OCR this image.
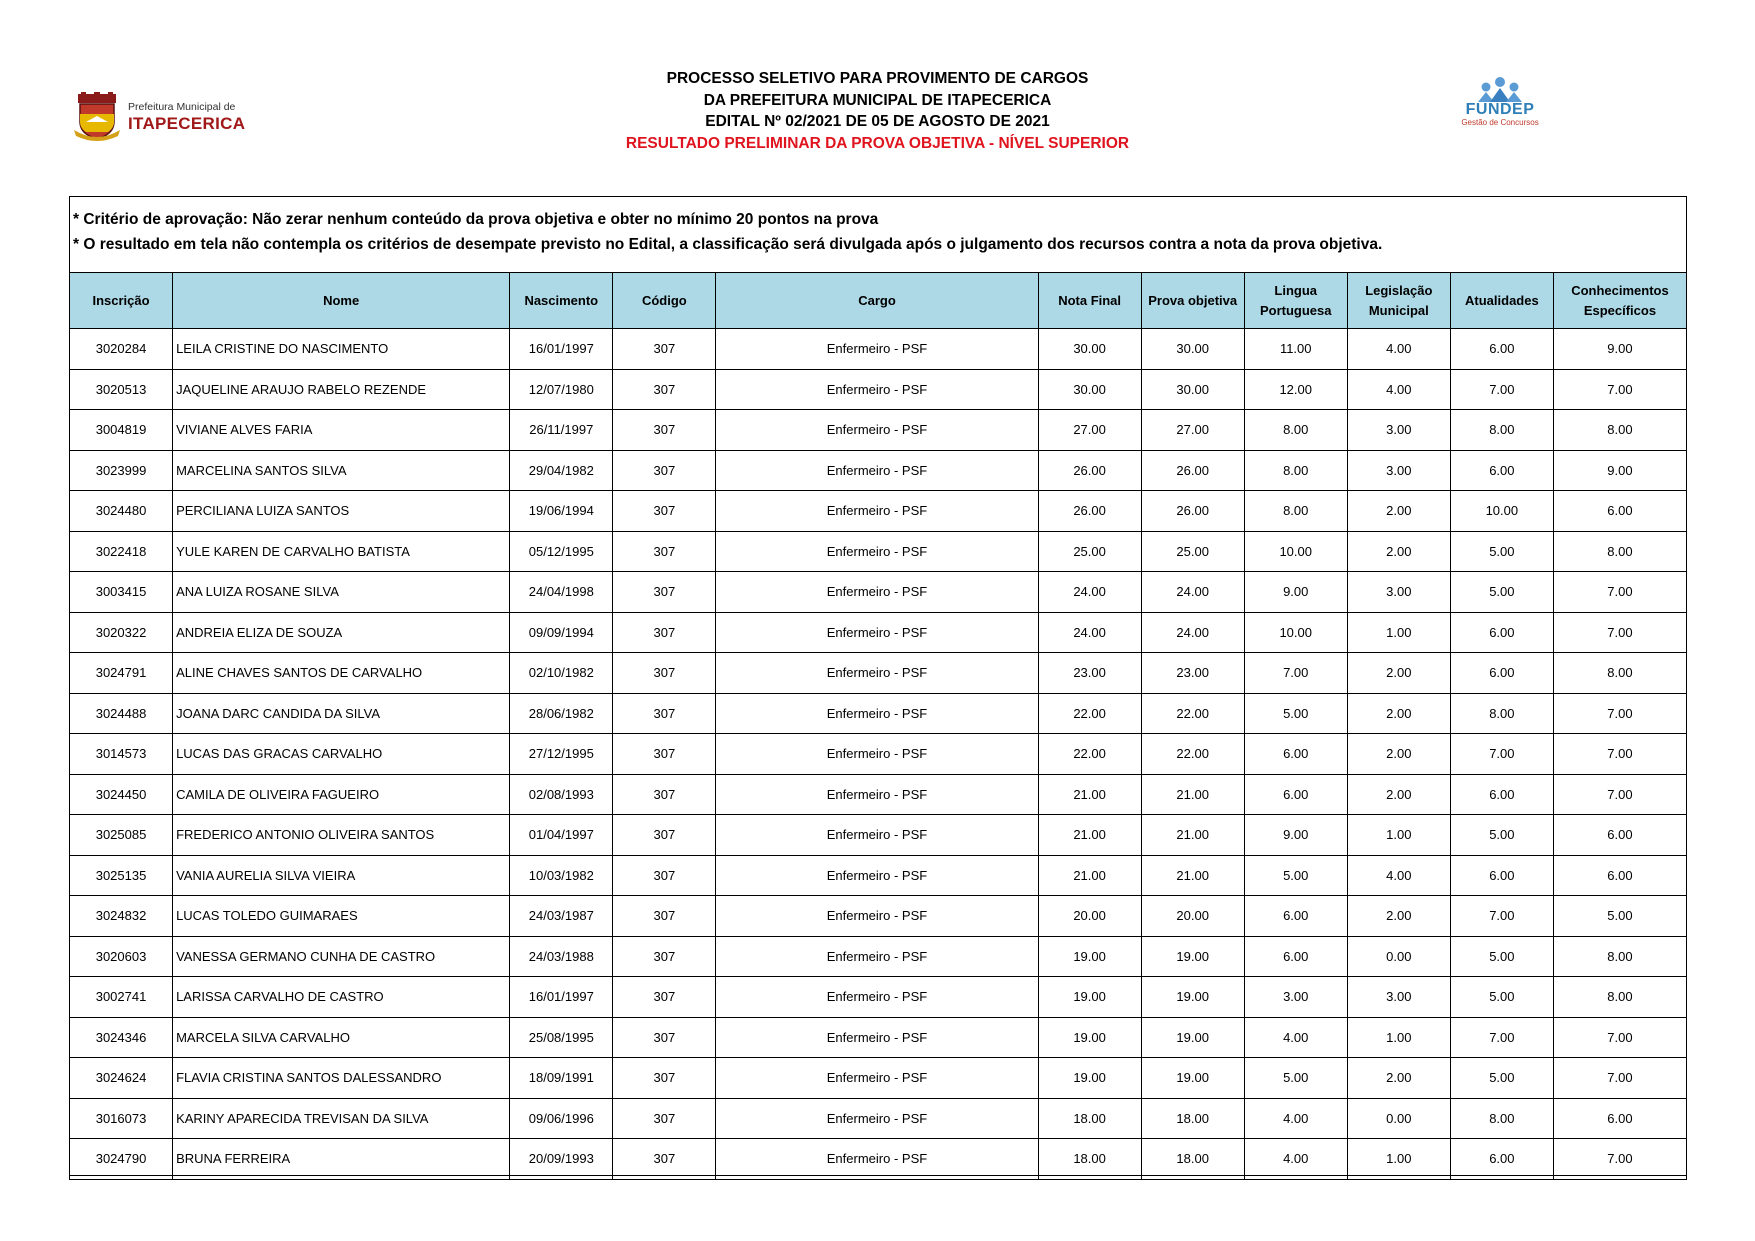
Prefeitura Municipal de
ITAPECERICA
PROCESSO SELETIVO PARA PROVIMENTO DE CARGOS
DA PREFEITURA MUNICIPAL DE ITAPECERICA
EDITAL Nº 02/2021 DE 05 DE AGOSTO DE 2021
RESULTADO PRELIMINAR DA PROVA OBJETIVA - NÍVEL SUPERIOR
FUNDEP
Gestão de Concursos
* Critério de aprovação: Não zerar nenhum conteúdo da prova objetiva e obter no mínimo 20 pontos na prova
* O resultado em tela não contempla os critérios de desempate previsto no Edital, a classificação será divulgada após o julgamento dos recursos contra a nota da prova objetiva.
Inscrição	Nome	Nascimento	Código	Cargo	Nota Final	Prova objetiva	Lingua
Portuguesa	Legislação
Municipal	Atualidades	Conhecimentos
Específicos
3020284	LEILA CRISTINE DO NASCIMENTO	16/01/1997	307	Enfermeiro - PSF	30.00	30.00	11.00	4.00	6.00	9.00
3020513	JAQUELINE ARAUJO RABELO REZENDE	12/07/1980	307	Enfermeiro - PSF	30.00	30.00	12.00	4.00	7.00	7.00
3004819	VIVIANE ALVES FARIA	26/11/1997	307	Enfermeiro - PSF	27.00	27.00	8.00	3.00	8.00	8.00
3023999	MARCELINA SANTOS SILVA	29/04/1982	307	Enfermeiro - PSF	26.00	26.00	8.00	3.00	6.00	9.00
3024480	PERCILIANA LUIZA SANTOS	19/06/1994	307	Enfermeiro - PSF	26.00	26.00	8.00	2.00	10.00	6.00
3022418	YULE KAREN DE CARVALHO BATISTA	05/12/1995	307	Enfermeiro - PSF	25.00	25.00	10.00	2.00	5.00	8.00
3003415	ANA LUIZA ROSANE SILVA	24/04/1998	307	Enfermeiro - PSF	24.00	24.00	9.00	3.00	5.00	7.00
3020322	ANDREIA ELIZA DE SOUZA	09/09/1994	307	Enfermeiro - PSF	24.00	24.00	10.00	1.00	6.00	7.00
3024791	ALINE CHAVES SANTOS DE CARVALHO	02/10/1982	307	Enfermeiro - PSF	23.00	23.00	7.00	2.00	6.00	8.00
3024488	JOANA DARC CANDIDA DA SILVA	28/06/1982	307	Enfermeiro - PSF	22.00	22.00	5.00	2.00	8.00	7.00
3014573	LUCAS DAS GRACAS CARVALHO	27/12/1995	307	Enfermeiro - PSF	22.00	22.00	6.00	2.00	7.00	7.00
3024450	CAMILA DE OLIVEIRA FAGUEIRO	02/08/1993	307	Enfermeiro - PSF	21.00	21.00	6.00	2.00	6.00	7.00
3025085	FREDERICO ANTONIO OLIVEIRA SANTOS	01/04/1997	307	Enfermeiro - PSF	21.00	21.00	9.00	1.00	5.00	6.00
3025135	VANIA AURELIA SILVA VIEIRA	10/03/1982	307	Enfermeiro - PSF	21.00	21.00	5.00	4.00	6.00	6.00
3024832	LUCAS TOLEDO GUIMARAES	24/03/1987	307	Enfermeiro - PSF	20.00	20.00	6.00	2.00	7.00	5.00
3020603	VANESSA GERMANO CUNHA DE CASTRO	24/03/1988	307	Enfermeiro - PSF	19.00	19.00	6.00	0.00	5.00	8.00
3002741	LARISSA CARVALHO DE CASTRO	16/01/1997	307	Enfermeiro - PSF	19.00	19.00	3.00	3.00	5.00	8.00
3024346	MARCELA SILVA CARVALHO	25/08/1995	307	Enfermeiro - PSF	19.00	19.00	4.00	1.00	7.00	7.00
3024624	FLAVIA CRISTINA SANTOS DALESSANDRO	18/09/1991	307	Enfermeiro - PSF	19.00	19.00	5.00	2.00	5.00	7.00
3016073	KARINY APARECIDA TREVISAN DA SILVA	09/06/1996	307	Enfermeiro - PSF	18.00	18.00	4.00	0.00	8.00	6.00
3024790	BRUNA FERREIRA	20/09/1993	307	Enfermeiro - PSF	18.00	18.00	4.00	1.00	6.00	7.00
